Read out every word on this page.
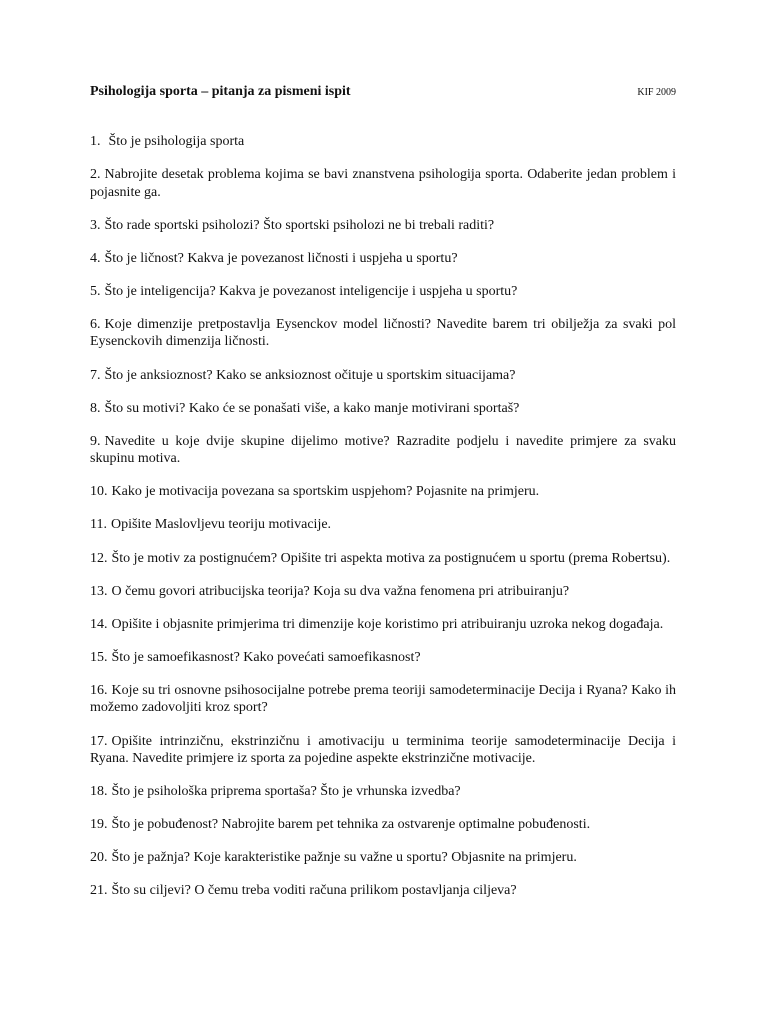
Psihologija sporta – pitanja za pismeni ispit	KIF 2009

1. Što je psihologija sporta

2. Nabrojite desetak problema kojima se bavi znanstvena psihologija sporta. Odaberite jedan problem i pojasnite ga.

3. Što rade sportski psiholozi? Što sportski psiholozi ne bi trebali raditi?

4. Što je ličnost? Kakva je povezanost ličnosti i uspjeha u sportu?

5. Što je inteligencija? Kakva je povezanost inteligencije i uspjeha u sportu?

6. Koje dimenzije pretpostavlja Eysenckov model ličnosti? Navedite barem tri obilježja za svaki pol Eysenckovih dimenzija ličnosti.

7. Što je anksioznost? Kako se anksioznost očituje u sportskim situacijama?

8. Što su motivi? Kako će se ponašati više, a kako manje motivirani sportaš?

9. Navedite u koje dvije skupine dijelimo motive? Razradite podjelu i navedite primjere za svaku skupinu motiva.

10. Kako je motivacija povezana sa sportskim uspjehom? Pojasnite na primjeru.

11. Opišite Maslovljevu teoriju motivacije.

12. Što je motiv za postignućem? Opišite tri aspekta motiva za postignućem u sportu (prema Robertsu).

13. O čemu govori atribucijska teorija? Koja su dva važna fenomena pri atribuiranju?

14. Opišite i objasnite primjerima tri dimenzije koje koristimo pri atribuiranju uzroka nekog događaja.

15. Što je samoefikasnost? Kako povećati samoefikasnost?

16. Koje su tri osnovne psihosocijalne potrebe prema teoriji samodeterminacije Decija i Ryana? Kako ih možemo zadovoljiti kroz sport?

17. Opišite intrinzičnu, ekstrinzičnu i amotivaciju u terminima teorije samodeterminacije Decija i Ryana. Navedite primjere iz sporta za pojedine aspekte ekstrinzične motivacije.

18. Što je psihološka priprema sportaša? Što je vrhunska izvedba?

19. Što je pobuđenost? Nabrojite barem pet tehnika za ostvarenje optimalne pobuđenosti.

20. Što je pažnja? Koje karakteristike pažnje su važne u sportu? Objasnite na primjeru.

21. Što su ciljevi? O čemu treba voditi računa prilikom postavljanja ciljeva?
